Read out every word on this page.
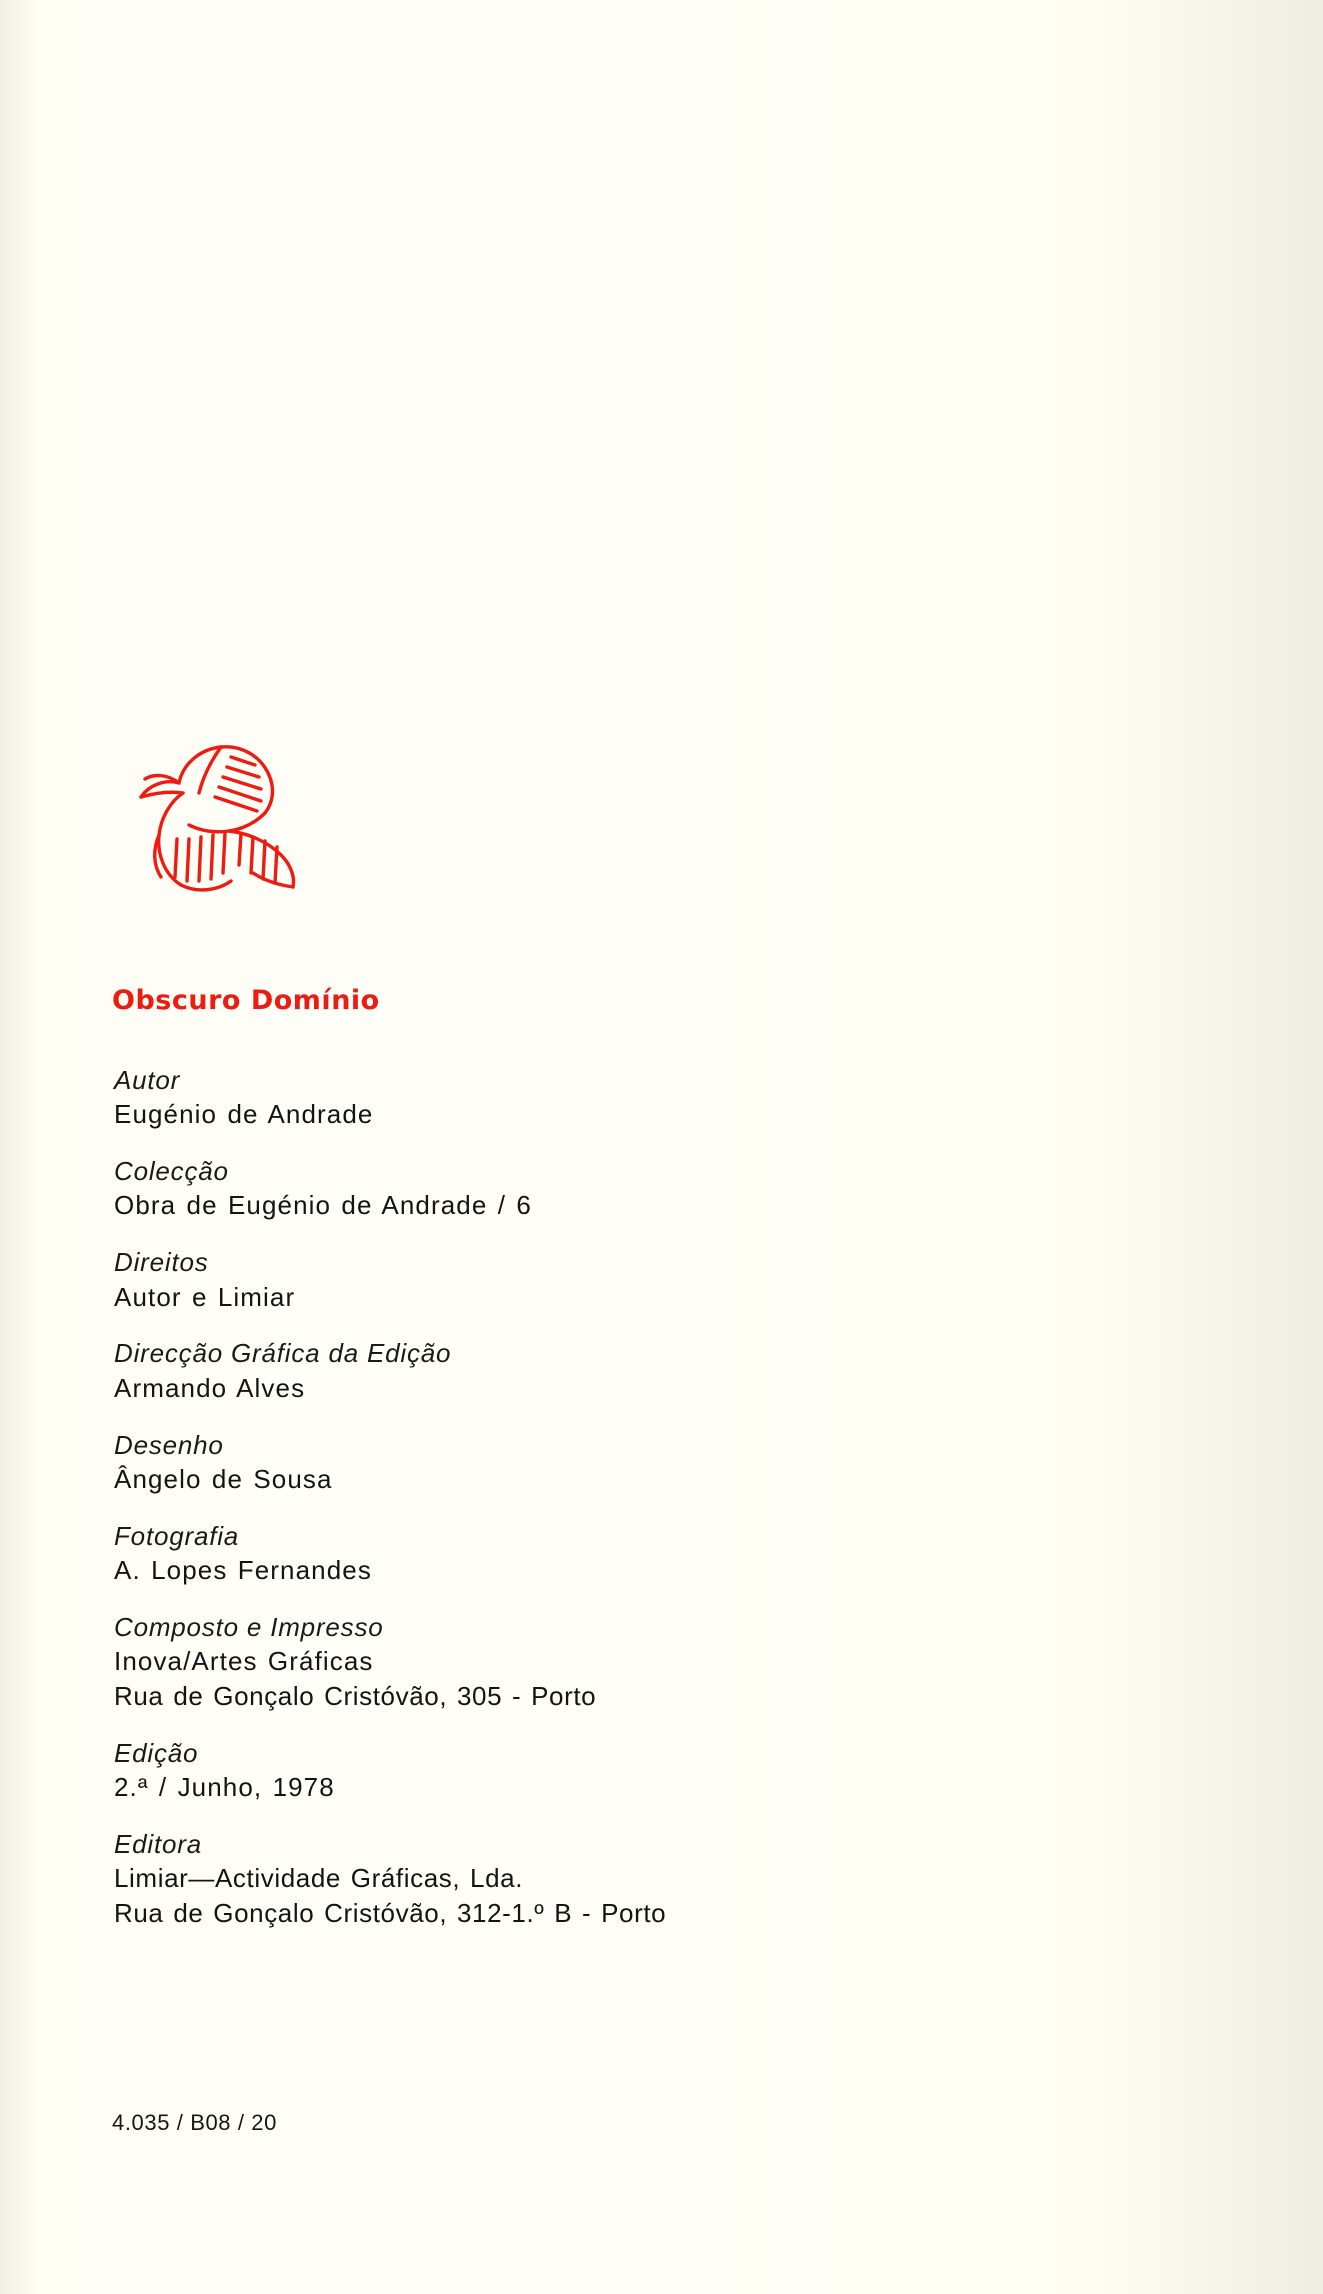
Obscuro Domínio
Autor
Eugénio de Andrade
Colecção
Obra de Eugénio de Andrade / 6
Direitos
Autor e Limiar
Direcção Gráfica da Edição
Armando Alves
Desenho
Ângelo de Sousa
Fotografia
A. Lopes Fernandes
Composto e Impresso
Inova/Artes Gráficas
Rua de Gonçalo Cristóvão, 305 - Porto
Edição
2.ª / Junho, 1978
Editora
Limiar—Actividade Gráficas, Lda.
Rua de Gonçalo Cristóvão, 312-1.º B - Porto
4.035 / B08 / 20
